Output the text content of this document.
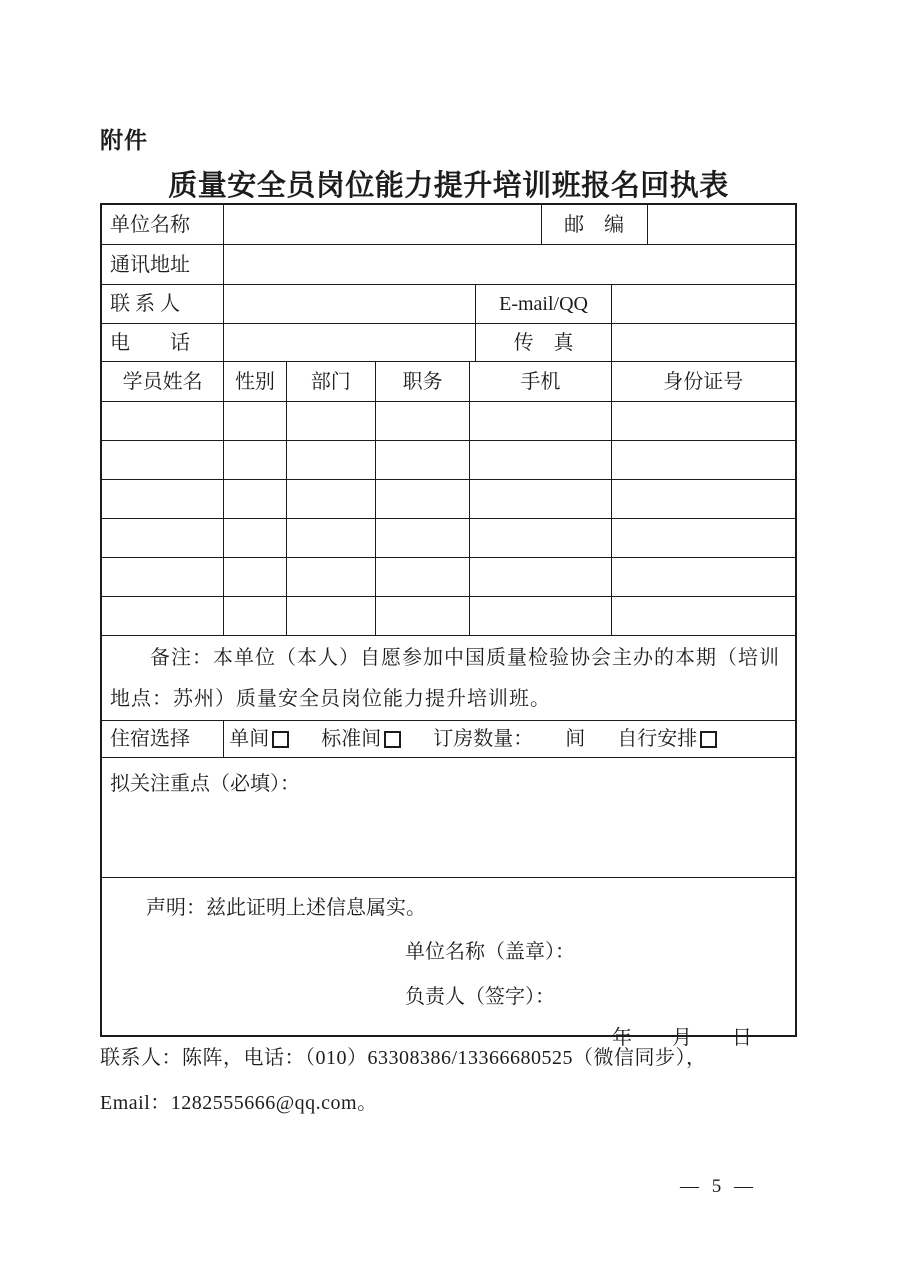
附件
质量安全员岗位能力提升培训班报名回执表
单位名称	邮　编
通讯地址
联 系 人	E-mail/QQ
电　　话	传　真
学员姓名	性别	部门	职务	手机	身份证号
备注：本单位（本人）自愿参加中国质量检验协会主办的本期（培训地点：苏州）质量安全员岗位能力提升培训班。
住宿选择	单间	标准间	订房数量： 间 自行安排
拟关注重点（必填）：
声明：兹此证明上述信息属实。
单位名称（盖章）：
负责人（签字）：
年　　月　　日
联系人：陈阵，电话：（010）63308386/13366680525（微信同步），
Email：1282555666@qq.com。
— 5 —
